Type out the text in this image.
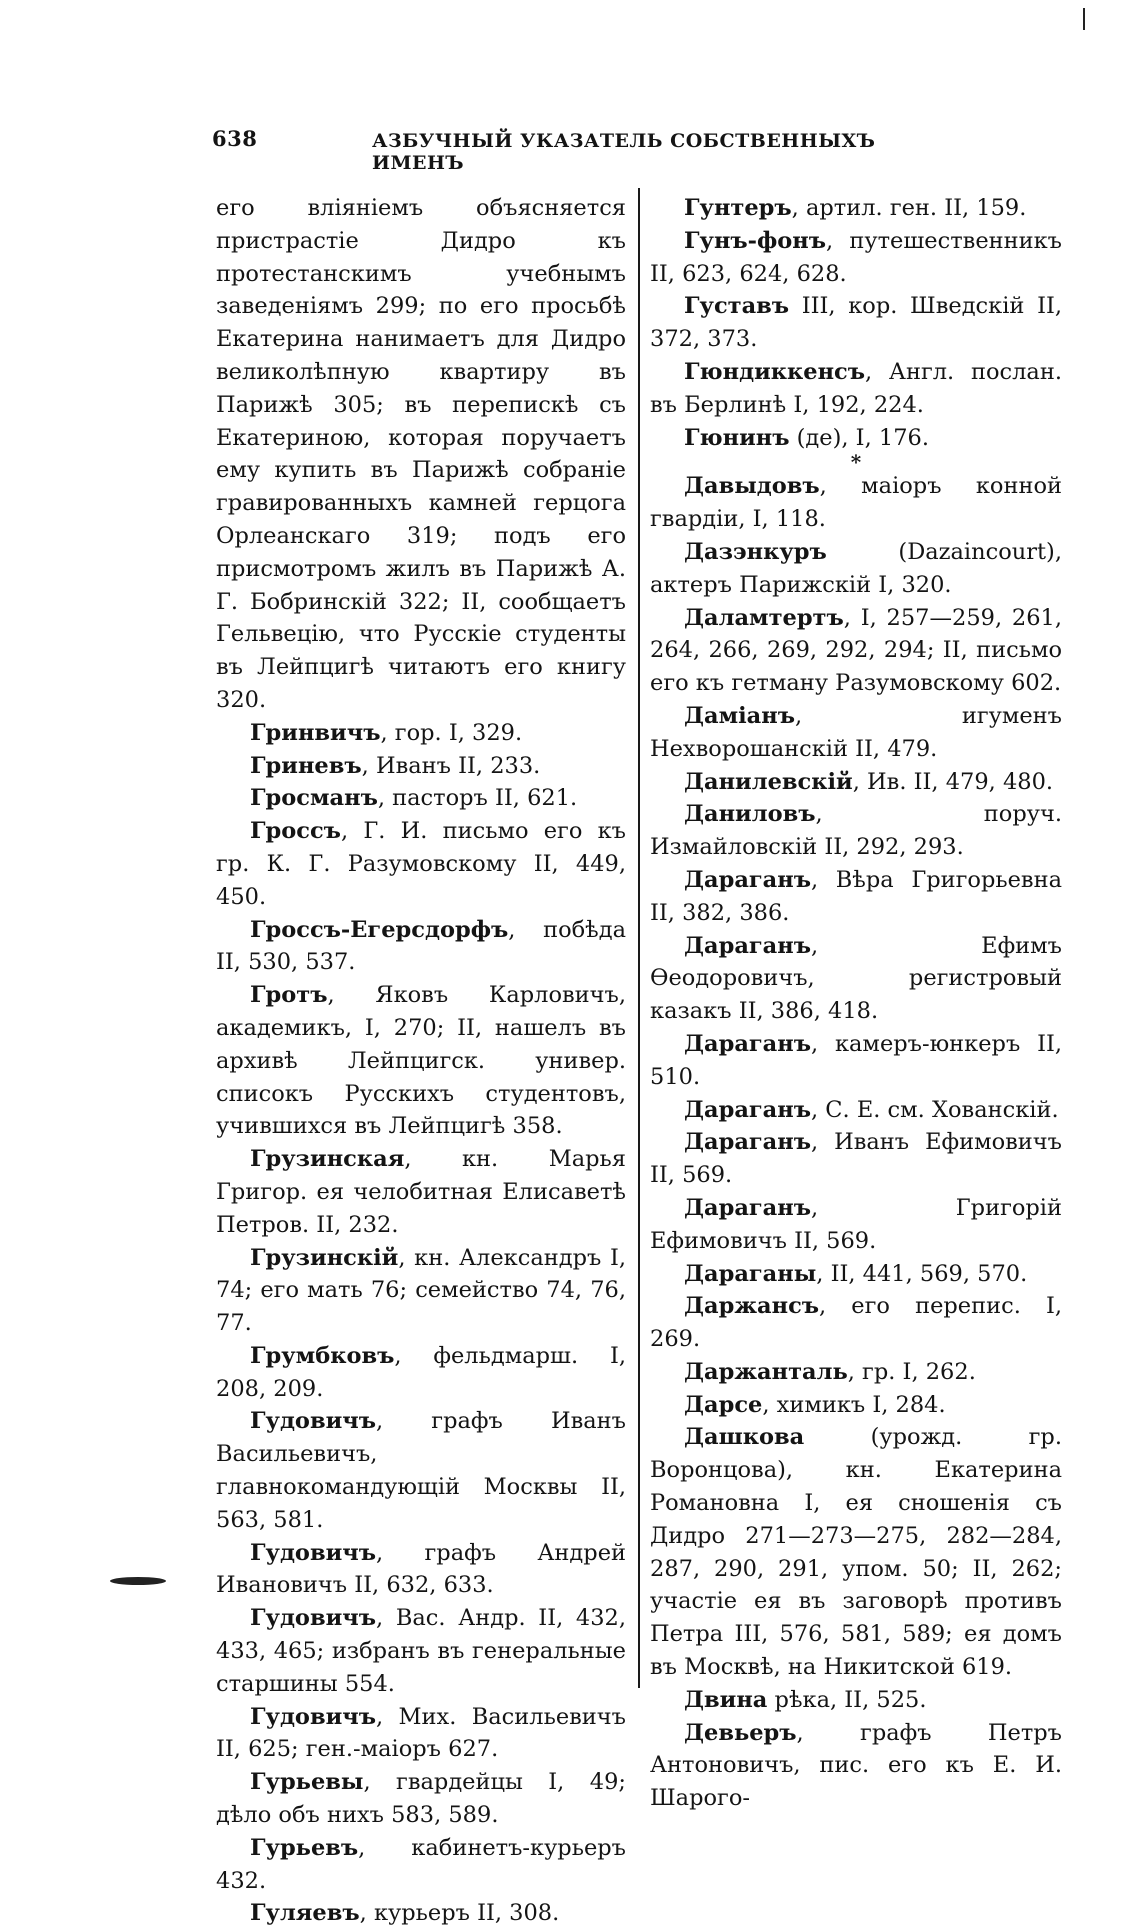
638	АЗБУЧНЫЙ УКАЗАТЕЛЬ СОБСТВЕННЫХЪ ИМЕНЪ
его вліяніемъ объясняется пристрастіе Дидро къ протестанскимъ учебнымъ заведеніямъ 299; по его просьбѣ Екатерина нанимаетъ для Дидро великолѣпную квартиру въ Парижѣ 305; въ перепискѣ съ Екатериною, которая поручаетъ ему купить въ Парижѣ собраніе гравированныхъ камней герцога Орлеанскаго 319; подъ его присмотромъ жилъ въ Парижѣ А. Г. Бобринскій 322; II, сообщаетъ Гельвецію, что Русскіе студенты въ Лейпцигѣ читаютъ его книгу 320.
Гринвичъ, гор. I, 329.
Гриневъ, Иванъ II, 233.
Гросманъ, пасторъ II, 621.
Гроссъ, Г. И. письмо его къ гр. К. Г. Разумовскому II, 449, 450.
Гроссъ-Егерсдорфъ, побѣда II, 530, 537.
Гротъ, Яковъ Карловичъ, академикъ, I, 270; II, нашелъ въ архивѣ Лейпцигск. универ. списокъ Русскихъ студентовъ, учившихся въ Лейпцигѣ 358.
Грузинская, кн. Марья Григор. ея челобитная Елисаветѣ Петров. II, 232.
Грузинскій, кн. Александръ I, 74; его мать 76; семейство 74, 76, 77.
Грумбковъ, фельдмарш. I, 208, 209.
Гудовичъ, графъ Иванъ Васильевичъ, главнокомандующій Москвы II, 563, 581.
Гудовичъ, графъ Андрей Ивановичъ II, 632, 633.
Гудовичъ, Вас. Андр. II, 432, 433, 465; избранъ въ генеральные старшины 554.
Гудовичъ, Мих. Васильевичъ II, 625; ген.-маіоръ 627.
Гурьевы, гвардейцы I, 49; дѣло объ нихъ 583, 589.
Гурьевъ, кабинетъ-курьеръ 432.
Гуляевъ, курьеръ II, 308.
Гунтеръ, артил. ген. II, 159.
Гунъ-фонъ, путешественникъ II, 623, 624, 628.
Густавъ III, кор. Шведскій II, 372, 373.
Гюндиккенсъ, Англ. послан. въ Берлинѣ I, 192, 224.
Гюнинъ (де), I, 176.
*
Давыдовъ, маіоръ конной гвардіи, I, 118.
Дазэнкуръ (Dazaincourt), актеръ Парижскій I, 320.
Даламтертъ, I, 257—259, 261, 264, 266, 269, 292, 294; II, письмо его къ гетману Разумовскому 602.
Даміанъ, игуменъ Нехворошанскій II, 479.
Данилевскій, Ив. II, 479, 480.
Даниловъ, поруч. Измайловскій II, 292, 293.
Дараганъ, Вѣра Григорьевна II, 382, 386.
Дараганъ, Ефимъ Ѳеодоровичъ, регистровый казакъ II, 386, 418.
Дараганъ, камеръ-юнкеръ II, 510.
Дараганъ, С. Е. см. Хованскій.
Дараганъ, Иванъ Ефимовичъ II, 569.
Дараганъ, Григорій Ефимовичъ II, 569.
Дараганы, II, 441, 569, 570.
Даржансъ, его перепис. I, 269.
Даржанталь, гр. I, 262.
Дарсе, химикъ I, 284.
Дашкова (урожд. гр. Воронцова), кн. Екатерина Романовна I, ея сношенія съ Дидро 271—273—275, 282—284, 287, 290, 291, упом. 50; II, 262; участіе ея въ заговорѣ противъ Петра III, 576, 581, 589; ея домъ въ Москвѣ, на Никитской 619.
Двина рѣка, II, 525.
Девьеръ, графъ Петръ Антоновичъ, пис. его къ Е. И. Шарого-
